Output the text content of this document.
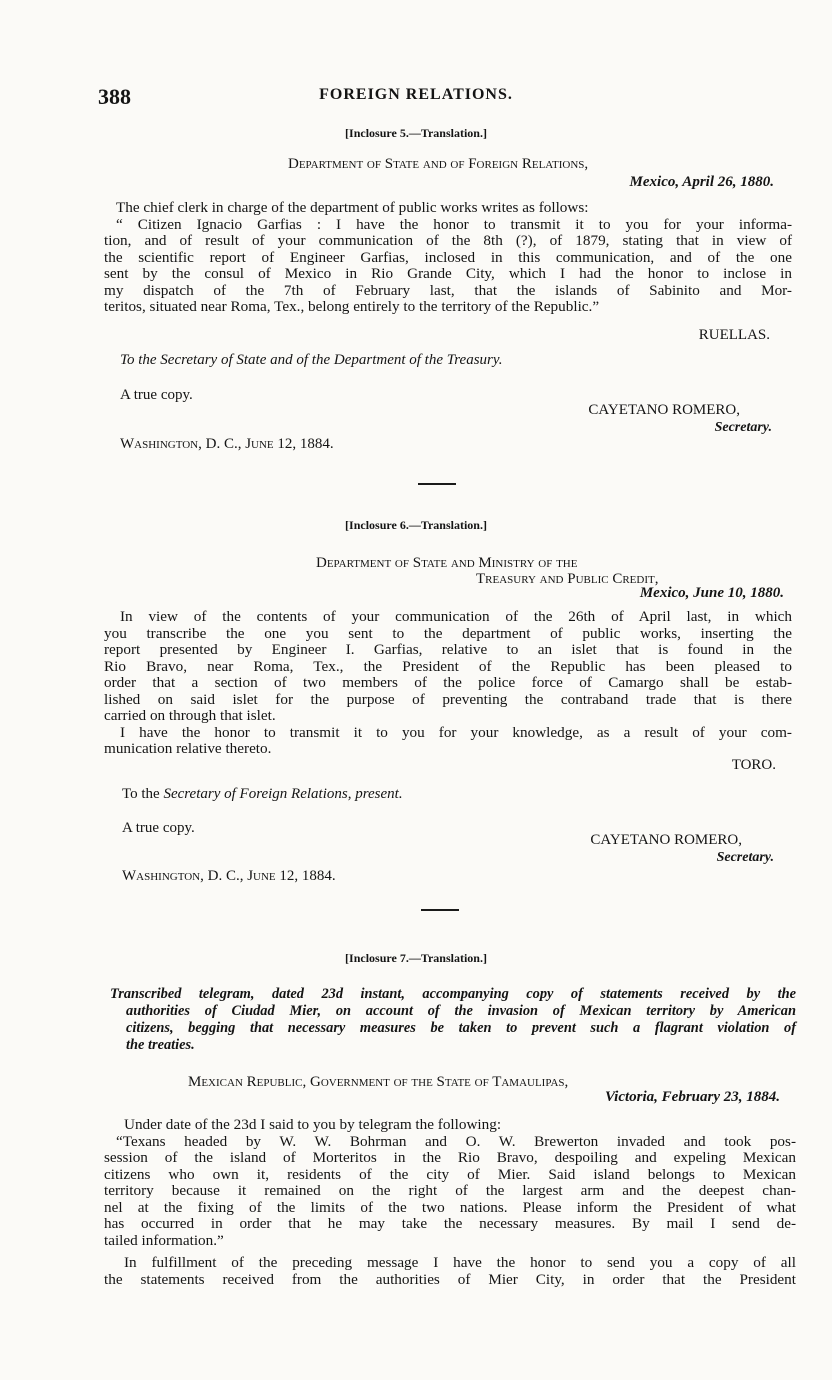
388	FOREIGN RELATIONS.
[Inclosure 5.—Translation.]
Department of State and of Foreign Relations,
Mexico, April 26, 1880.
The chief clerk in charge of the department of public works writes as follows:
“ Citizen Ignacio Garfias : I have the honor to transmit it to you for your informa-
tion, and of result of your communication of the 8th (?), of 1879, stating that in view of
the scientific report of Engineer Garfias, inclosed in this communication, and of the one
sent by the consul of Mexico in Rio Grande City, which I had the honor to inclose in
my dispatch of the 7th of February last, that the islands of Sabinito and Mor-
teritos, situated near Roma, Tex., belong entirely to the territory of the Republic.”
RUELLAS.
To the Secretary of State and of the Department of the Treasury.
A true copy.
CAYETANO ROMERO,
Secretary.
Washington, D. C., June 12, 1884.
[Inclosure 6.—Translation.]
Department of State and Ministry of the
Treasury and Public Credit,
Mexico, June 10, 1880.
In view of the contents of your communication of the 26th of April last, in which
you transcribe the one you sent to the department of public works, inserting the
report presented by Engineer I. Garfias, relative to an islet that is found in the
Rio Bravo, near Roma, Tex., the President of the Republic has been pleased to
order that a section of two members of the police force of Camargo shall be estab-
lished on said islet for the purpose of preventing the contraband trade that is there
carried on through that islet.
I have the honor to transmit it to you for your knowledge, as a result of your com-
munication relative thereto.
TORO.
To the Secretary of Foreign Relations, present.
A true copy.
CAYETANO ROMERO,
Secretary.
Washington, D. C., June 12, 1884.
[Inclosure 7.—Translation.]
Transcribed telegram, dated 23d instant, accompanying copy of statements received by the
authorities of Ciudad Mier, on account of the invasion of Mexican territory by American
citizens, begging that necessary measures be taken to prevent such a flagrant violation of
the treaties.
Mexican Republic, Government of the State of Tamaulipas,
Victoria, February 23, 1884.
Under date of the 23d I said to you by telegram the following:
“Texans headed by W. W. Bohrman and O. W. Brewerton invaded and took pos-
session of the island of Morteritos in the Rio Bravo, despoiling and expeling Mexican
citizens who own it, residents of the city of Mier. Said island belongs to Mexican
territory because it remained on the right of the largest arm and the deepest chan-
nel at the fixing of the limits of the two nations. Please inform the President of what
has occurred in order that he may take the necessary measures. By mail I send de-
tailed information.”
In fulfillment of the preceding message I have the honor to send you a copy of all
the statements received from the authorities of Mier City, in order that the President
